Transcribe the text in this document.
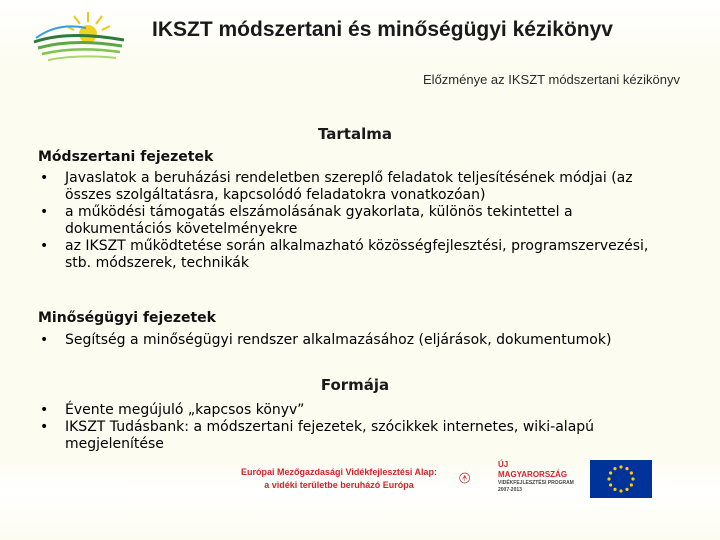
IKSZT módszertani és minőségügyi kézikönyv
Előzménye az IKSZT módszertani kézikönyv
Tartalma
Módszertani fejezetek
• Javaslatok a beruházási rendeletben szereplő feladatok teljesítésének módjai (az
összes szolgáltatásra, kapcsolódó feladatokra vonatkozóan)
• a működési támogatás elszámolásának gyakorlata, különös tekintettel a
dokumentációs követelményekre
• az IKSZT működtetése során alkalmazható közösségfejlesztési, programszervezési,
stb. módszerek, technikák
Minőségügyi fejezetek
• Segítség a minőségügyi rendszer alkalmazásához (eljárások, dokumentumok)
Formája
• Évente megújuló „kapcsos könyv”
• IKSZT Tudásbank: a módszertani fejezetek, szócikkek internetes, wiki-alapú
megjelenítése
Európai Mezőgazdasági Vidékfejlesztési Alap:
a vidéki területbe beruházó Európa
ÚJ MAGYARORSZÁG
VIDÉKFEJLESZTÉSI PROGRAM
2007-2013
